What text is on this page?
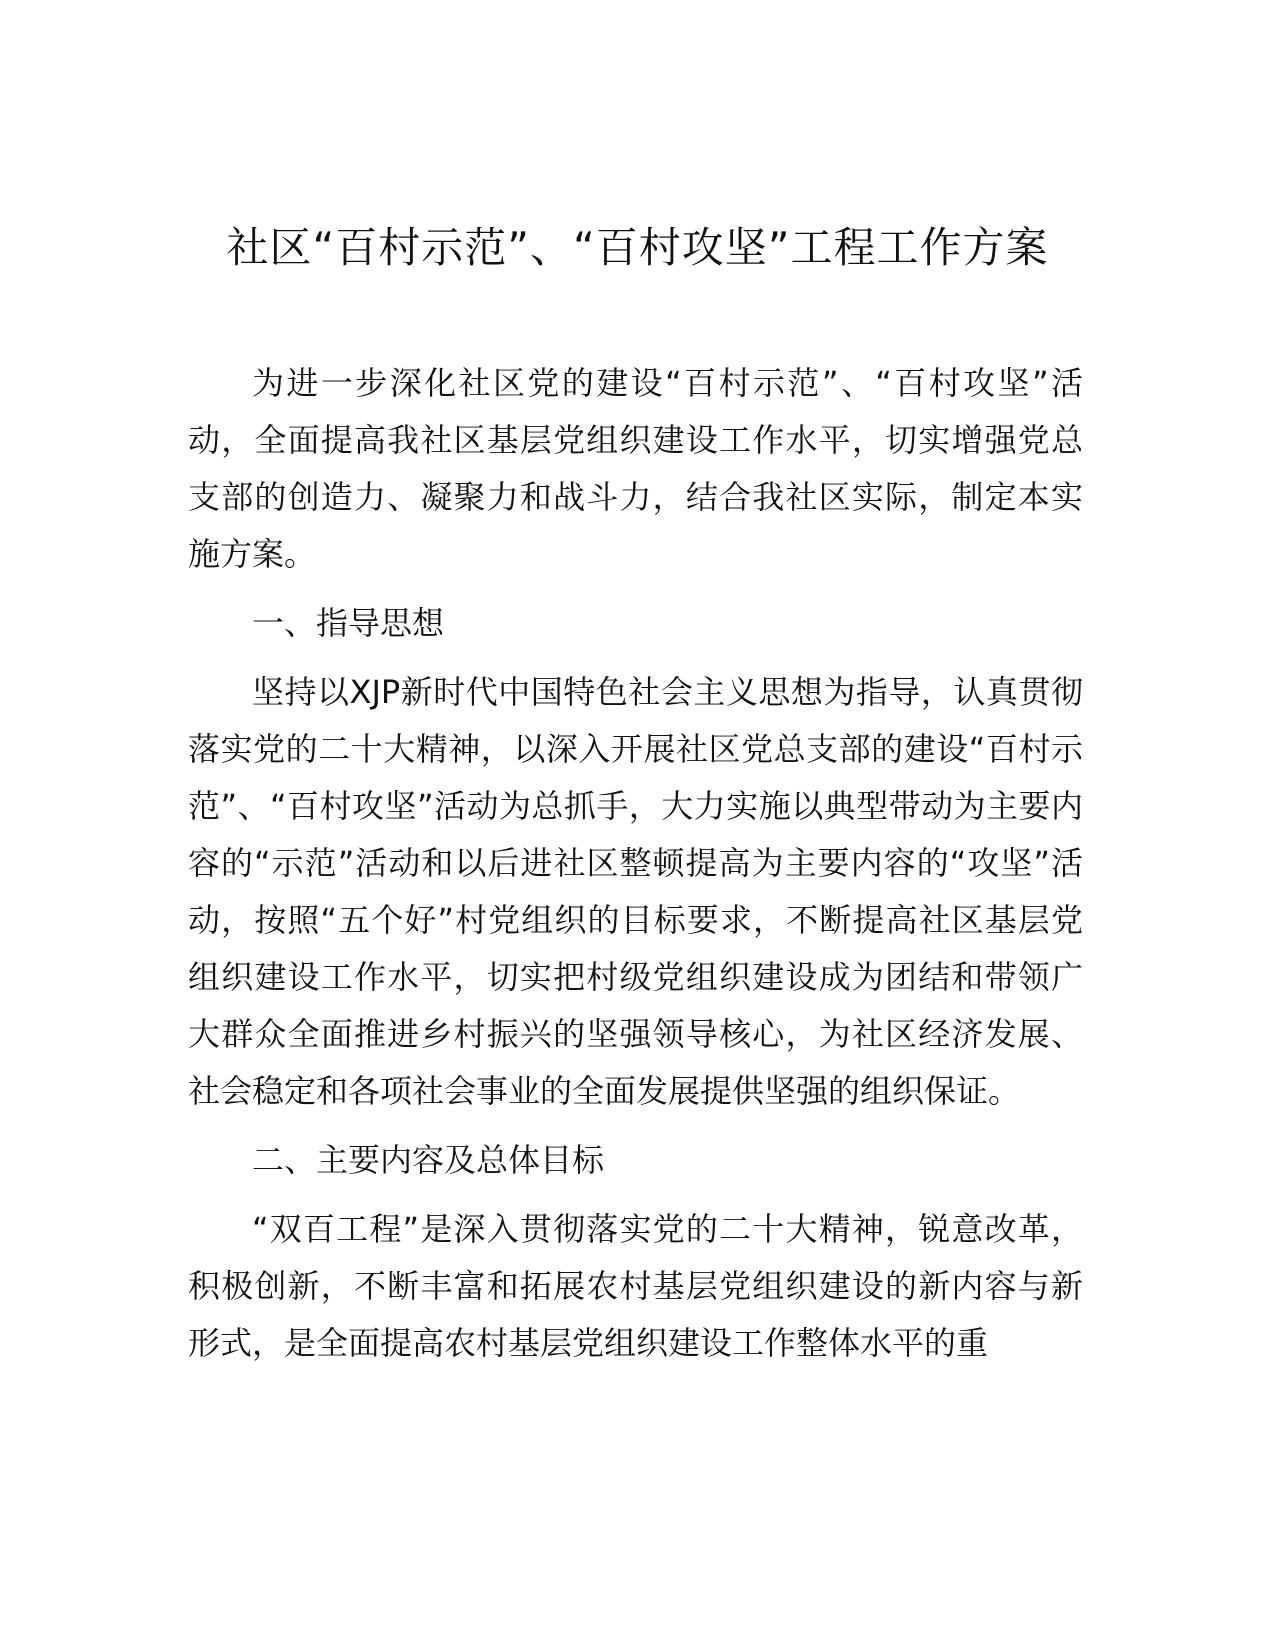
社区“百村示范”、“百村攻坚”工程工作方案

为进一步深化社区党的建设“百村示范”、“百村攻坚”活动，全面提高我社区基层党组织建设工作水平，切实增强党总支部的创造力、凝聚力和战斗力，结合我社区实际，制定本实施方案。

一、指导思想

坚持以XJP新时代中国特色社会主义思想为指导，认真贯彻落实党的二十大精神，以深入开展社区党总支部的建设“百村示范”、“百村攻坚”活动为总抓手，大力实施以典型带动为主要内容的“示范”活动和以后进社区整顿提高为主要内容的“攻坚”活动，按照“五个好”村党组织的目标要求，不断提高社区基层党组织建设工作水平，切实把村级党组织建设成为团结和带领广大群众全面推进乡村振兴的坚强领导核心，为社区经济发展、社会稳定和各项社会事业的全面发展提供坚强的组织保证。

二、主要内容及总体目标

“双百工程”是深入贯彻落实党的二十大精神，锐意改革，积极创新，不断丰富和拓展农村基层党组织建设的新内容与新形式，是全面提高农村基层党组织建设工作整体水平的重
